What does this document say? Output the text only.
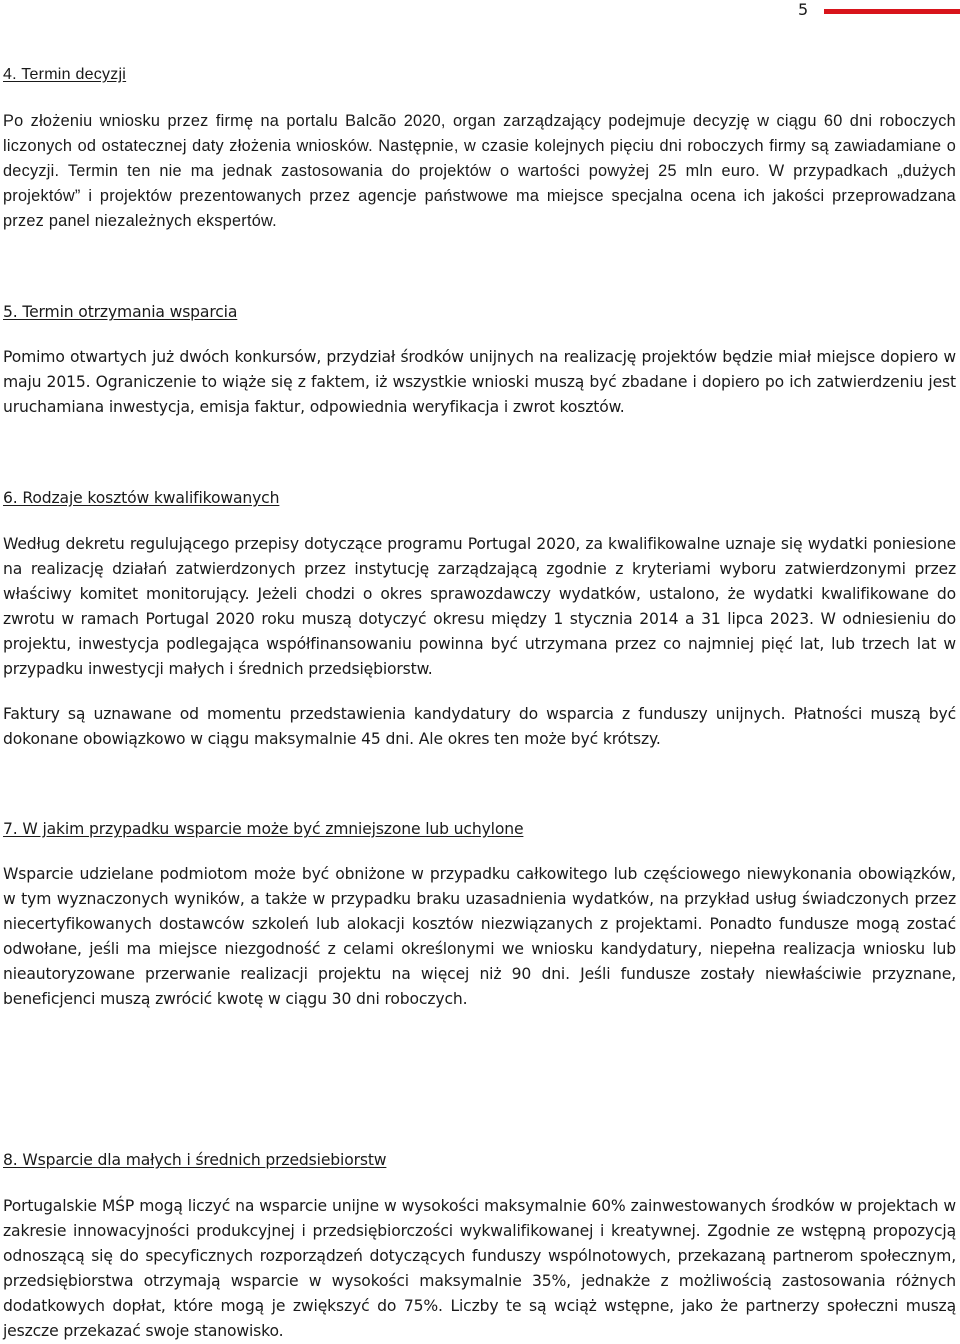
5
4. Termin decyzji

Po złożeniu wniosku przez firmę na portalu Balcão 2020, organ zarządzający podejmuje decyzję w ciągu 60 dni roboczych liczonych od ostatecznej daty złożenia wniosków. Następnie, w czasie kolejnych pięciu dni roboczych firmy są zawiadamiane o decyzji. Termin ten nie ma jednak zastosowania do projektów o wartości powyżej 25 mln euro. W przypadkach „dużych projektów” i projektów prezentowanych przez agencje państwowe ma miejsce specjalna ocena ich jakości przeprowadzana przez panel niezależnych ekspertów.

5. Termin otrzymania wsparcia

Pomimo otwartych już dwóch konkursów, przydział środków unijnych na realizację projektów będzie miał miejsce dopiero w maju 2015. Ograniczenie to wiąże się z faktem, iż wszystkie wnioski muszą być zbadane i dopiero po ich zatwierdzeniu jest uruchamiana inwestycja, emisja faktur, odpowiednia weryfikacja i zwrot kosztów.

6. Rodzaje kosztów kwalifikowanych

Według dekretu regulującego przepisy dotyczące programu Portugal 2020, za kwalifikowalne uznaje się wydatki poniesione na realizację działań zatwierdzonych przez instytucję zarządzającą zgodnie z kryteriami wyboru zatwierdzonymi przez właściwy komitet monitorujący. Jeżeli chodzi o okres sprawozdawczy wydatków, ustalono, że wydatki kwalifikowane do zwrotu w ramach Portugal 2020 roku muszą dotyczyć okresu między 1 stycznia 2014 a 31 lipca 2023. W odniesieniu do projektu, inwestycja podlegająca współfinansowaniu powinna być utrzymana przez co najmniej pięć lat, lub trzech lat w przypadku inwestycji małych i średnich przedsiębiorstw.

Faktury są uznawane od momentu przedstawienia kandydatury do wsparcia z funduszy unijnych. Płatności muszą być dokonane obowiązkowo w ciągu maksymalnie 45 dni. Ale okres ten może być krótszy.

7. W jakim przypadku wsparcie może być zmniejszone lub uchylone

Wsparcie udzielane podmiotom może być obniżone w przypadku całkowitego lub częściowego niewykonania obowiązków, w tym wyznaczonych wyników, a także w przypadku braku uzasadnienia wydatków, na przykład usług świadczonych przez niecertyfikowanych dostawców szkoleń lub alokacji kosztów niezwiązanych z projektami. Ponadto fundusze mogą zostać odwołane, jeśli ma miejsce niezgodność z celami określonymi we wniosku kandydatury, niepełna realizacja wniosku lub nieautoryzowane przerwanie realizacji projektu na więcej niż 90 dni. Jeśli fundusze zostały niewłaściwie przyznane, beneficjenci muszą zwrócić kwotę w ciągu 30 dni roboczych.

8. Wsparcie dla małych i średnich przedsiebiorstw

Portugalskie MŚP mogą liczyć na wsparcie unijne w wysokości maksymalnie 60% zainwestowanych środków w projektach w zakresie innowacyjności produkcyjnej i przedsiębiorczości wykwalifikowanej i kreatywnej. Zgodnie ze wstępną propozycją odnoszącą się do specyficznych rozporządzeń dotyczących funduszy wspólnotowych, przekazaną partnerom społecznym, przedsiębiorstwa otrzymają wsparcie w wysokości maksymalnie 35%, jednakże z możliwością zastosowania różnych dodatkowych dopłat, które mogą je zwiększyć do 75%. Liczby te są wciąż wstępne, jako że partnerzy społeczni muszą jeszcze przekazać swoje stanowisko.
